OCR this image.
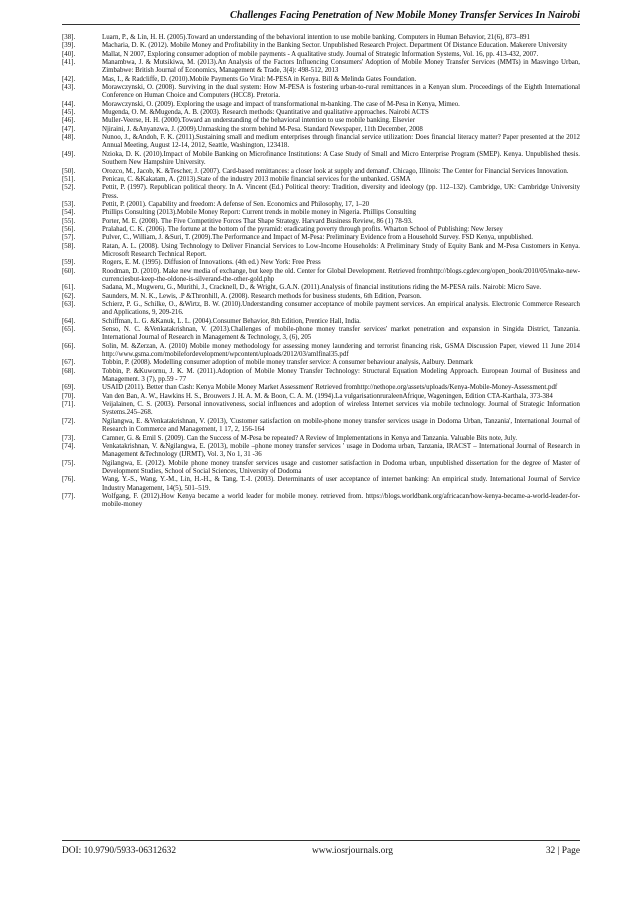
Challenges Facing Penetration of New Mobile Money Transfer Services In Nairobi
[38].	Luarn, P., & Lin, H. H. (2005).Toward an understanding of the behavioral intention to use mobile banking. Computers in Human Behavior, 21(6), 873–891
[39].	Macharia, D. K. (2012). Mobile Money and Profitability in the Banking Sector. Unpublished Research Project. Department Of Distance Education. Makerere University
[40].	Mallat, N 2007, Exploring consumer adoption of mobile payments - A qualitative study. Journal of Strategic Information Systems, Vol. 16, pp. 413-432, 2007.
[41].	Manambwa, J. & Mutsikiwa, M. (2013).An Analysis of the Factors Influencing Consumers' Adoption of Mobile Money Transfer Services (MMTs) in Masvingo Urban, Zimbabwe: British Journal of Economics, Management & Trade, 3(4): 498-512, 2013
[42].	Mas, I., & Radcliffe, D. (2010).Mobile Payments Go Viral: M-PESA in Kenya. Bill & Melinda Gates Foundation.
[43].	Morawczynski, O. (2008). Surviving in the dual system: How M-PESA is fostering urban-to-rural remittances in a Kenyan slum. Proceedings of the Eighth International Conference on Human Choice and Computers (HCC8). Pretoria.
[44].	Morawczynski, O. (2009). Exploring the usage and impact of transformational m-banking. The case of M-Pesa in Kenya, Mimeo.
[45].	Mugenda, O. M. &Mugenda, A. B. (2003). Research methods: Quantitative and qualitative approaches. Nairobi ACTS
[46].	Muller-Veerse, H. H. (2000).Toward an understanding of the behavioral intention to use mobile banking. Elsevier
[47].	Njiraini, J. &Anyanzwa, J. (2009).Unmasking the storm behind M-Pesa. Standard Newspaper, 11th December, 2008
[48].	Nunoo, J., &Andoh, F. K. (2011).Sustaining small and medium enterprises through financial service utilization: Does financial literacy matter? Paper presented at the 2012 Annual Meeting, August 12-14, 2012, Seattle, Washington, 123418.
[49].	Nzioka, D. K. (2010).Impact of Mobile Banking on Microfinance Institutions: A Case Study of Small and Micro Enterprise Program (SMEP). Kenya. Unpublished thesis. Southern New Hampshire University.
[50].	Orozco, M., Jacob, K. &Tescher, J. (2007). Card-based remittances: a closer look at supply and demand'. Chicago, Illinois: The Center for Financial Services Innovation.
[51].	Penicau, C. &Kakatam, A. (2013).State of the industry 2013 mobile financial services for the unbanked. GSMA
[52].	Pettit, P. (1997). Republican political theory. In A. Vincent (Ed.) Political theory: Tradition, diversity and ideology (pp. 112–132). Cambridge, UK: Cambridge University Press.
[53].	Pettit, P. (2001). Capability and freedom: A defense of Sen. Economics and Philosophy, 17, 1–20
[54].	Phillips Consulting (2013).Mobile Money Report: Current trends in mobile money in Nigeria. Phillips Consulting
[55].	Porter, M. E. (2008). The Five Competitive Forces That Shape Strategy. Harvard Business Review, 86 (1) 78-93.
[56].	Pralahad, C. K. (2006). The fortune at the bottom of the pyramid: eradicating poverty through profits. Wharton School of Publishing: New Jersey
[57].	Pulver, C., William, J. &Suri, T. (2009).The Performance and Impact of M-Pesa: Preliminary Evidence from a Household Survey. FSD Kenya, unpublished.
[58].	Ratan, A. L. (2008). Using Technology to Deliver Financial Services to Low-Income Households: A Preliminary Study of Equity Bank and M-Pesa Customers in Kenya. Microsoft Research Technical Report.
[59].	Rogers, E. M. (1995). Diffusion of Innovations. (4th ed.) New York: Free Press
[60].	Roodman, D. (2010). Make new media of exchange, but keep the old. Center for Global Development. Retrieved fromhttp://blogs.cgdev.org/open_book/2010/05/make-new-currenciesbut-keep-the-oldone-is-silverand-the-other-gold.php
[61].	Sadana, M., Mugweru, G., Murithi, J., Cracknell, D., & Wright, G.A.N. (2011).Analysis of financial institutions riding the M-PESA rails. Nairobi: Micro Save.
[62].	Saunders, M. N. K., Lewis, .P &Thronhill, A. (2008). Research methods for business students, 6th Edition, Pearson.
[63].	Schierz, P. G., Schilke, O., &Wirtz, B. W. (2010).Understanding consumer acceptance of mobile payment services. An empirical analysis. Electronic Commerce Research and Applications, 9, 209-216.
[64].	Schiffman, L. G. &Kanuk, L. L. (2004).Consumer Behavior, 8th Edition, Prentice Hall, India.
[65].	Senso, N. C. &Venkatakrishnan, V. (2013).Challenges of mobile-phone money transfer services' market penetration and expansion in Singida District, Tanzania. International Journal of Research in Management & Technology, 3, (6), 205
[66].	Solin, M. &Zerzan, A. (2010) Mobile money methodology for assessing money laundering and terrorist financing risk, GSMA Discussion Paper, viewed 11 June 2014 http://www.gsma.com/mobilefordevelopment/wpcontent/uploads/2012/03/amlfinal35.pdf
[67].	Tobbin, P. (2008). Modelling consumer adoption of mobile money transfer service: A consumer behaviour analysis, Aalbury. Denmark
[68].	Tobbin, P. &Kuwornu, J. K. M. (2011).Adoption of Mobile Money Transfer Technology: Structural Equation Modeling Approach. European Journal of Business and Management. 3 (7), pp.59 - 77
[69].	USAID (2011). Better than Cash: Kenya Mobile Money Market Assessment' Retrieved fromhttp://nethope.org/assets/uploads/Kenya-Mobile-Money-Assessment.pdf
[70].	Van den Ban, A. W., Hawkins H. S., Brouwers J. H. A. M. & Boon, C. A. M. (1994).La vulgarisationruraleenAfrique, Wageningen, Edition CTA-Karthala, 373-384
[71].	Veijalainen, C. S. (2003). Personal innovativeness, social influences and adoption of wireless Internet services via mobile technology. Journal of Strategic Information Systems.245–268.
[72].	Ngilangwa, E. &Venkatakrishnan, V. (2013), 'Customer satisfaction on mobile-phone money transfer services usage in Dodoma Urban, Tanzania', International Journal of Research in Commerce and Management, 1 17, 2, 156-164
[73].	Camner, G. & Emil S. (2009). Can the Success of M-Pesa be repeated? A Review of Implementations in Kenya and Tanzania. Valuable Bits note, July.
[74].	Venkatakrishnan, V. &Ngilangwa, E. (2013), mobile –phone money transfer services ' usage in Dodoma urban, Tanzania, IRACST – International Journal of Research in Management &Technology (IJRMT), Vol. 3, No 1, 31 -36
[75].	Ngilangwa, E. (2012). Mobile phone money transfer services usage and customer satisfaction in Dodoma urban, unpublished dissertation for the degree of Master of Development Studies, School of Social Sciences, University of Dodoma
[76].	Wang, Y.-S., Wang, Y.-M., Lin, H.-H., & Tang, T.-I. (2003). Determinants of user acceptance of internet banking: An empirical study. International Journal of Service Industry Management, 14(5), 501–519.
[77].	Wolfgang, F. (2012).How Kenya became a world leader for mobile money. retrieved from. https://blogs.worldbank.org/africacan/how-kenya-became-a-world-leader-for-mobile-money
DOI: 10.9790/5933-06312632	www.iosrjournals.org	32 | Page
